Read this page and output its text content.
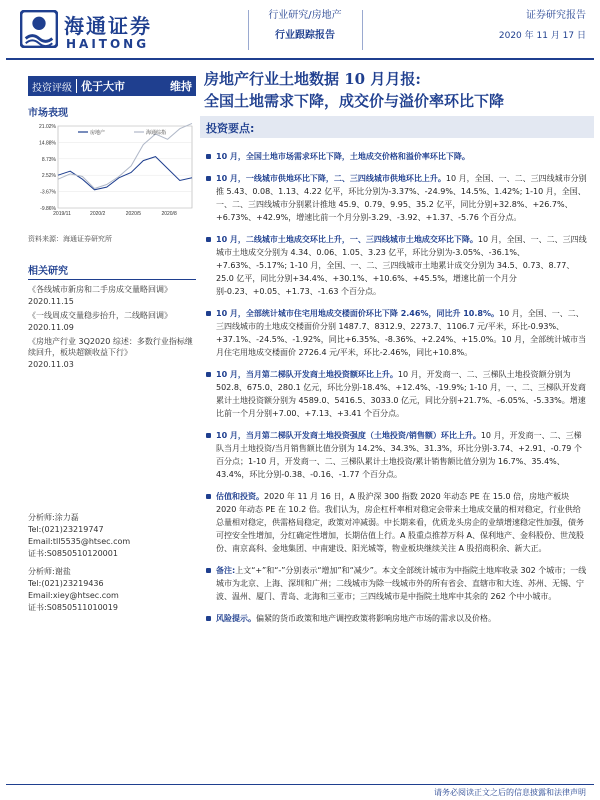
海通证券
HAITONG
行业研究/房地产
行业跟踪报告
证券研究报告
2020 年 11 月 17 日
投资评级 优于大市	维持 房地产行业土地数据 10 月月报:
全国土地需求下降，成交价与溢价率环比下降
市场表现
21.02%
14.88%
8.73%
2.52%
-3.67%
-9.86%
2019/11	2020/2	2020/5	2020/8
房地产	海通综指
资料来源：海通证券研究所
相关研究
《各线城市新房和二手房成交量略回调》
2020.11.15
《一线周成交量稳步抬升，二线略回调》
2020.11.09
《房地产行业 3Q2020 综述：多数行业指标继续回升，板块超额收益下行》
2020.11.03
分析师:涂力磊
Tel:(021)23219747
Email:tll5535@htsec.com
证书:S0850510120001
分析师:谢盐
Tel:(021)23219436
Email:xiey@htsec.com
证书:S0850511010019
投资要点:
10 月，全国土地市场需求环比下降，土地成交价格和溢价率环比下降。
10 月，一线城市供地环比下降，二、三四线城市供地环比上升。10 月，全国、一、二、三四线城市分别推 5.43、0.08、1.13、4.22 亿平，环比分别为-3.37%、-24.9%、14.5%、1.42%; 1-10 月，全国、一、二、三四线城市分别累计推地 45.9、0.79、9.95、35.2 亿平，同比分别+32.8%、+26.7%、+6.73%、+42.9%，增速比前一个月分别-3.29、-3.92、+1.37、-5.76 个百分点。
10 月，二线城市土地成交环比上升，一、三四线城市土地成交环比下降。10 月，全国、一、二、三四线城市土地成交分别为 4.34、0.06、1.05、3.23 亿平，环比分别为-3.05%、-36.1%、+7.63%、-5.17%; 1-10 月，全国、一、二、三四线城市土地累计成交分别为 34.5、0.73、8.77、25.0 亿平，同比分别+34.4%、+30.1%、+10.6%、+45.5%，增速比前一个月分别-0.23、+0.05、+1.73、-1.63 个百分点。
10 月，全部统计城市住宅用地成交楼面价环比下降 2.46%，同比升 10.8%。10 月，全国、一、二、三四线城市的土地成交楼面价分别 1487.7、8312.9、2273.7、1106.7 元/平米，环比-0.93%、+37.1%、-24.5%、-1.92%，同比+6.35%、-8.36%、+2.24%、+15.0%。10 月，全部统计城市当月住宅用地成交楼面价 2726.4 元/平米，环比-2.46%，同比+10.8%。
10 月，当月第二梯队开发商土地投资额环比上升。10 月，开发商一、二、三梯队土地投资额分别为 502.8、675.0、280.1 亿元，环比分别-18.4%、+12.4%、-19.9%; 1-10 月，一、二、三梯队开发商累计土地投资额分别为 4589.0、5416.5、3033.0 亿元，同比分别+21.7%、-6.05%、-5.33%。增速比前一个月分别+7.00、+7.13、+3.41 个百分点。
10 月，当月第二梯队开发商土地投资强度（土地投资/销售额）环比上升。10 月，开发商一、二、三梯队当月土地投资/当月销售额比值分别为 14.2%、34.3%、31.3%，环比分别-3.74、+2.91、-0.79 个百分点；1-10 月，开发商一、二、三梯队累计土地投资/累计销售额比值分别为 16.7%、35.4%、43.4%，环比分别-0.38、-0.16、-1.77 个百分点。
估值和投资。2020 年 11 月 16 日，A 股沪深 300 指数 2020 年动态 PE 在 15.0 倍，房地产板块 2020 年动态 PE 在 10.2 倍。我们认为，房企杠杆率相对稳定会带来土地成交量的相对稳定，行业供给总量相对稳定，供需格局稳定，政策对冲减弱。中长期来看，优质龙头房企的业绩增速稳定性加强，债务可控安全性增加，分红确定性增加，长期估值上行。A 股重点推荐万科 A、保利地产、金科股份、世茂股份、南京高科、金地集团、中南建设、阳光城等，物业板块继续关注 A 股招商积余、新大正。
备注:上文“+”和“-”分别表示“增加”和“减少”。本文全部统计城市为中指院土地库收录 302 个城市；一线城市为北京、上海、深圳和广州；二线城市为除一线城市外的所有省会、直辖市和大连、苏州、无锡、宁波、温州、厦门、青岛、北海和三亚市；三四线城市是中指院土地库中其余的 262 个中小城市。
风险提示。偏紧的货币政策和地产调控政策将影响房地产市场的需求以及价格。
请务必阅读正文之后的信息披露和法律声明
